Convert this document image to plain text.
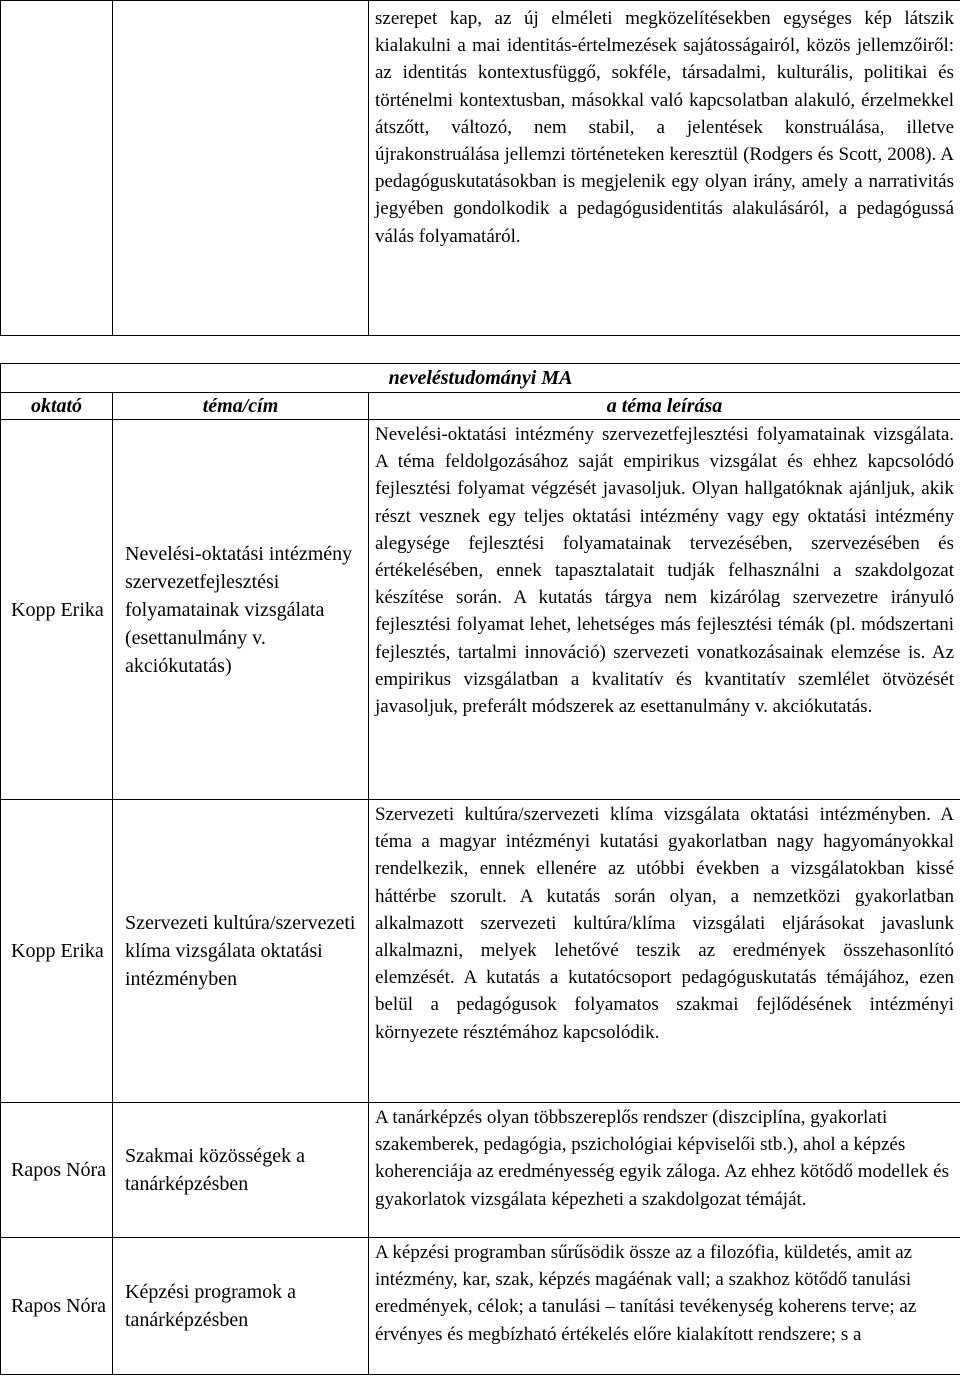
szerepet kap, az új elméleti megközelítésekben egységes kép látszik kialakulni a mai identitás-értelmezések sajátosságairól, közös jellemzőiről: az identitás kontextusfüggő, sokféle, társadalmi, kulturális, politikai és történelmi kontextusban, másokkal való kapcsolatban alakuló, érzelmekkel átszőtt, változó, nem stabil, a jelentések konstruálása, illetve újrakonstruálása jellemzi történeteken keresztül (Rodgers és Scott, 2008). A pedagóguskutatásokban is megjelenik egy olyan irány, amely a narrativitás jegyében gondolkodik a pedagógusidentitás alakulásáról, a pedagógussá válás folyamatáról.

neveléstudományi MA		
oktató	téma/cím	a téma leírása
Kopp Erika	Nevelési-oktatási intézmény szervezetfejlesztési folyamatainak vizsgálata (esettanulmány v. akciókutatás)	Nevelési-oktatási intézmény szervezetfejlesztési folyamatainak vizsgálata. A téma feldolgozásához saját empirikus vizsgálat és ehhez kapcsolódó fejlesztési folyamat végzését javasoljuk. Olyan hallgatóknak ajánljuk, akik részt vesznek egy teljes oktatási intézmény vagy egy oktatási intézmény alegysége fejlesztési folyamatainak tervezésében, szervezésében és értékelésében, ennek tapasztalatait tudják felhasználni a szakdolgozat készítése során. A kutatás tárgya nem kizárólag szervezetre irányuló fejlesztési folyamat lehet, lehetséges más fejlesztési témák (pl. módszertani fejlesztés, tartalmi innováció) szervezeti vonatkozásainak elemzése is. Az empirikus vizsgálatban a kvalitatív és kvantitatív szemlélet ötvözését javasoljuk, preferált módszerek az esettanulmány v. akciókutatás.

Kopp Erika	Szervezeti kultúra/szervezeti klíma vizsgálata oktatási intézményben	Szervezeti kultúra/szervezeti klíma vizsgálata oktatási intézményben. A téma a magyar intézményi kutatási gyakorlatban nagy hagyományokkal rendelkezik, ennek ellenére az utóbbi években a vizsgálatokban kissé háttérbe szorult. A kutatás során olyan, a nemzetközi gyakorlatban alkalmazott szervezeti kultúra/klíma vizsgálati eljárásokat javaslunk alkalmazni, melyek lehetővé teszik az eredmények összehasonlító elemzését. A kutatás a kutatócsoport pedagóguskutatás témájához, ezen belül a pedagógusok folyamatos szakmai fejlődésének intézményi környezete résztémához kapcsolódik.

Rapos Nóra	Szakmai közösségek a tanárképzésben	A tanárképzés olyan többszereplős rendszer (diszciplína, gyakorlati szakemberek, pedagógia, pszichológiai képviselői stb.), ahol a képzés koherenciája az eredményesség egyik záloga. Az ehhez kötődő modellek és gyakorlatok vizsgálata képezheti a szakdolgozat témáját.

Rapos Nóra	Képzési programok a tanárképzésben	A képzési programban sűrűsödik össze az a filozófia, küldetés, amit az intézmény, kar, szak, képzés magáénak vall; a szakhoz kötődő tanulási eredmények, célok; a tanulási – tanítási tevékenység koherens terve; az érvényes és megbízható értékelés előre kialakított rendszere; s a
